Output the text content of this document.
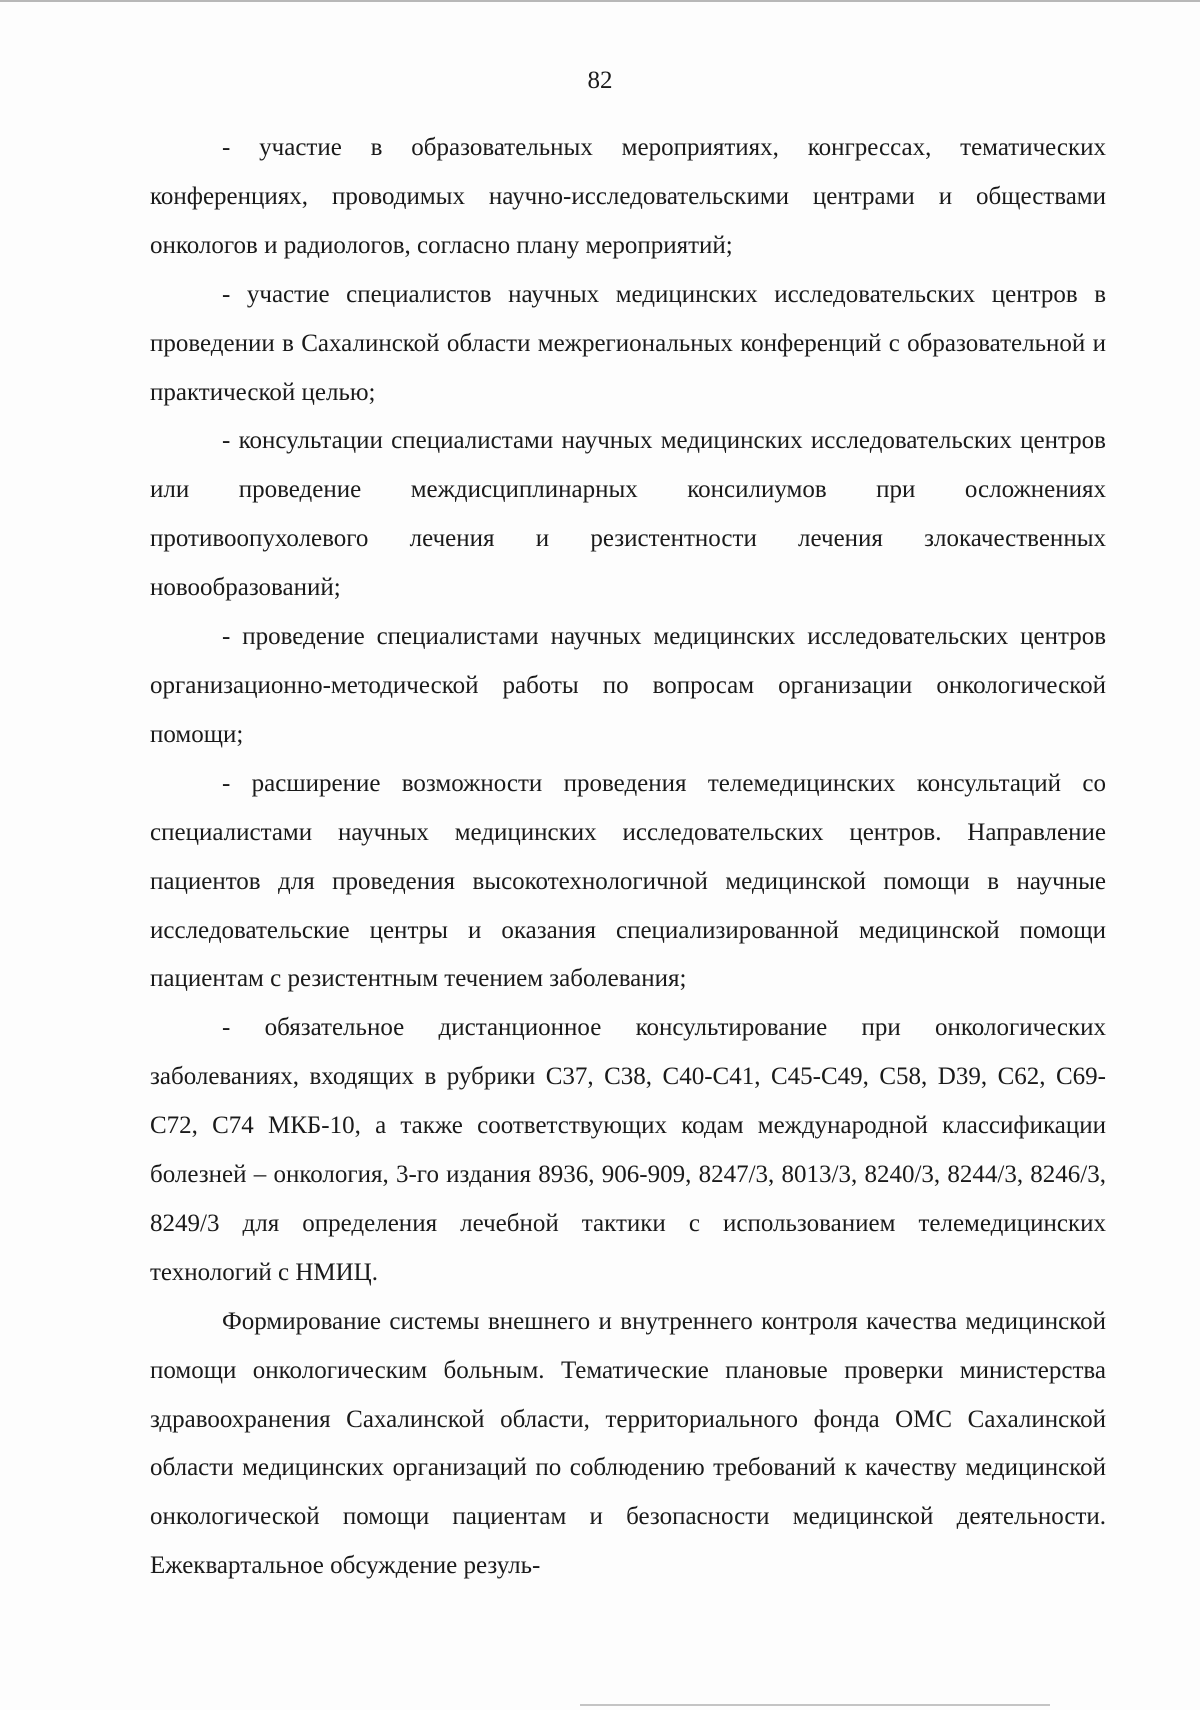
82

- участие в образовательных мероприятиях, конгрессах, тематических конференциях, проводимых научно-исследовательскими центрами и обществами онкологов и радиологов, согласно плану мероприятий;

- участие специалистов научных медицинских исследовательских центров в проведении в Сахалинской области межрегиональных конференций с образовательной и практической целью;

- консультации специалистами научных медицинских исследовательских центров или проведение междисциплинарных консилиумов при осложнениях противоопухолевого лечения и резистентности лечения злокачественных новообразований;

- проведение специалистами научных медицинских исследовательских центров организационно-методической работы по вопросам организации онкологической помощи;

- расширение возможности проведения телемедицинских консультаций со специалистами научных медицинских исследовательских центров. Направление пациентов для проведения высокотехнологичной медицинской помощи в научные исследовательские центры и оказания специализированной медицинской помощи пациентам с резистентным течением заболевания;

- обязательное дистанционное консультирование при онкологических заболеваниях, входящих в рубрики C37, C38, C40-C41, C45-C49, C58, D39, C62, C69-C72, C74 МКБ-10, а также соответствующих кодам международной классификации болезней – онкология, 3-го издания 8936, 906-909, 8247/3, 8013/3, 8240/3, 8244/3, 8246/3, 8249/3 для определения лечебной тактики с использованием телемедицинских технологий с НМИЦ.

Формирование системы внешнего и внутреннего контроля качества медицинской помощи онкологическим больным. Тематические плановые проверки министерства здравоохранения Сахалинской области, территориального фонда ОМС Сахалинской области медицинских организаций по соблюдению требований к качеству медицинской онкологической помощи пациентам и безопасности медицинской деятельности. Ежеквартальное обсуждение резуль-
